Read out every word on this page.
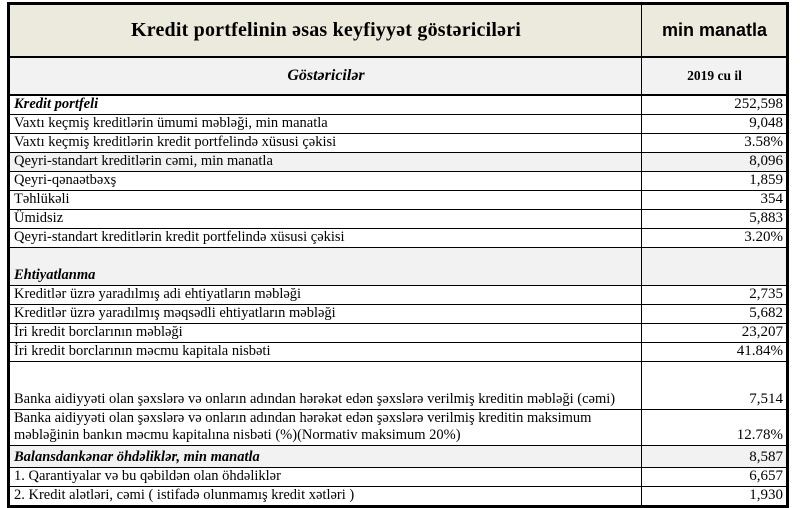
Kredit portfelinin əsas keyfiyyət göstəriciləri	min manatla
Göstəricilər	2019 cu il
Kredit portfeli	252,598
Vaxtı keçmiş kreditlərin ümumi məbləği, min manatla	9,048
Vaxtı keçmiş kreditlərin kredit portfelində xüsusi çəkisi	3.58%
Qeyri-standart kreditlərin cəmi, min manatla	8,096
Qeyri-qənaətbəxş	1,859
Təhlükəli	354
Ümidsiz	5,883
Qeyri-standart kreditlərin kredit portfelində xüsusi çəkisi	3.20%
Ehtiyatlanma	
Kreditlər üzrə yaradılmış adi ehtiyatların məbləği	2,735
Kreditlər üzrə yaradılmış məqsədli ehtiyatların məbləği	5,682
İri kredit borclarının məbləği	23,207
İri kredit borclarının məcmu kapitala nisbəti	41.84%
Banka aidiyyəti olan şəxslərə və onların adından hərəkət edən şəxslərə verilmiş kreditin məbləği (cəmi)	7,514
Banka aidiyyəti olan şəxslərə və onların adından hərəkət edən şəxslərə verilmiş kreditin maksimum məbləğinin bankın məcmu kapitalına nisbəti (%)(Normativ maksimum 20%)	12.78%
Balansdankənar öhdəliklər, min manatla	8,587
1. Qarantiyalar və bu qəbildən olan öhdəliklər	6,657
2. Kredit alətləri, cəmi ( istifadə olunmamış kredit xətləri )	1,930
